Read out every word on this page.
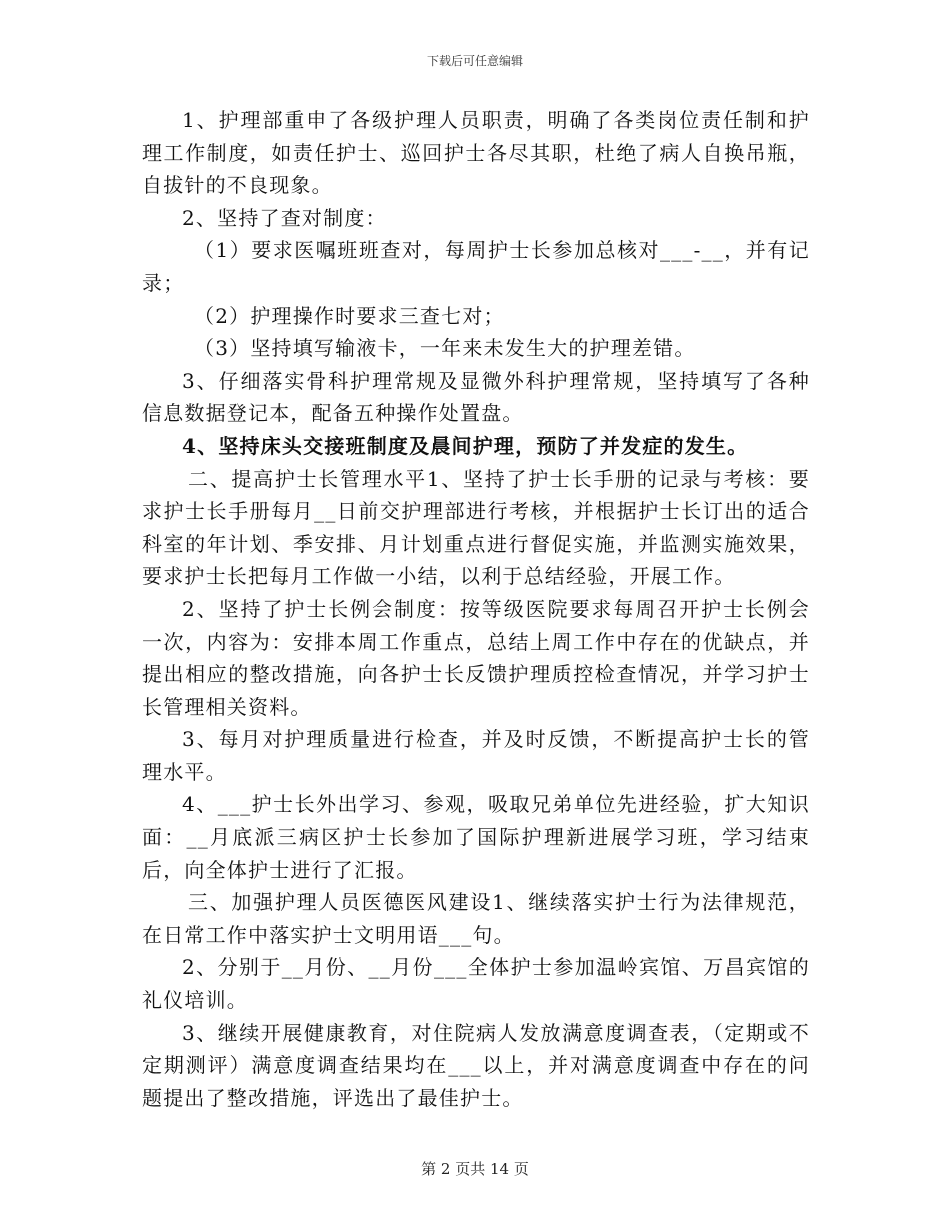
下载后可任意编辑

1、护理部重申了各级护理人员职责，明确了各类岗位责任制和护理工作制度，如责任护士、巡回护士各尽其职，杜绝了病人自换吊瓶，自拔针的不良现象。

2、坚持了查对制度：

（1）要求医嘱班班查对，每周护士长参加总核对___-__，并有记录；

（2）护理操作时要求三查七对；

（3）坚持填写输液卡，一年来未发生大的护理差错。

3、仔细落实骨科护理常规及显微外科护理常规，坚持填写了各种信息数据登记本，配备五种操作处置盘。

4、坚持床头交接班制度及晨间护理，预防了并发症的发生。

二、提高护士长管理水平1、坚持了护士长手册的记录与考核：要求护士长手册每月__日前交护理部进行考核，并根据护士长订出的适合科室的年计划、季安排、月计划重点进行督促实施，并监测实施效果，要求护士长把每月工作做一小结，以利于总结经验，开展工作。

2、坚持了护士长例会制度：按等级医院要求每周召开护士长例会一次，内容为：安排本周工作重点，总结上周工作中存在的优缺点，并提出相应的整改措施，向各护士长反馈护理质控检查情况，并学习护士长管理相关资料。

3、每月对护理质量进行检查，并及时反馈，不断提高护士长的管理水平。

4、___护士长外出学习、参观，吸取兄弟单位先进经验，扩大知识面：__月底派三病区护士长参加了国际护理新进展学习班，学习结束后，向全体护士进行了汇报。

三、加强护理人员医德医风建设1、继续落实护士行为法律规范，在日常工作中落实护士文明用语___句。

2、分别于__月份、__月份___全体护士参加温岭宾馆、万昌宾馆的礼仪培训。

3、继续开展健康教育，对住院病人发放满意度调查表，（定期或不定期测评）满意度调查结果均在___以上，并对满意度调查中存在的问题提出了整改措施，评选出了最佳护士。

第 2 页共 14 页
